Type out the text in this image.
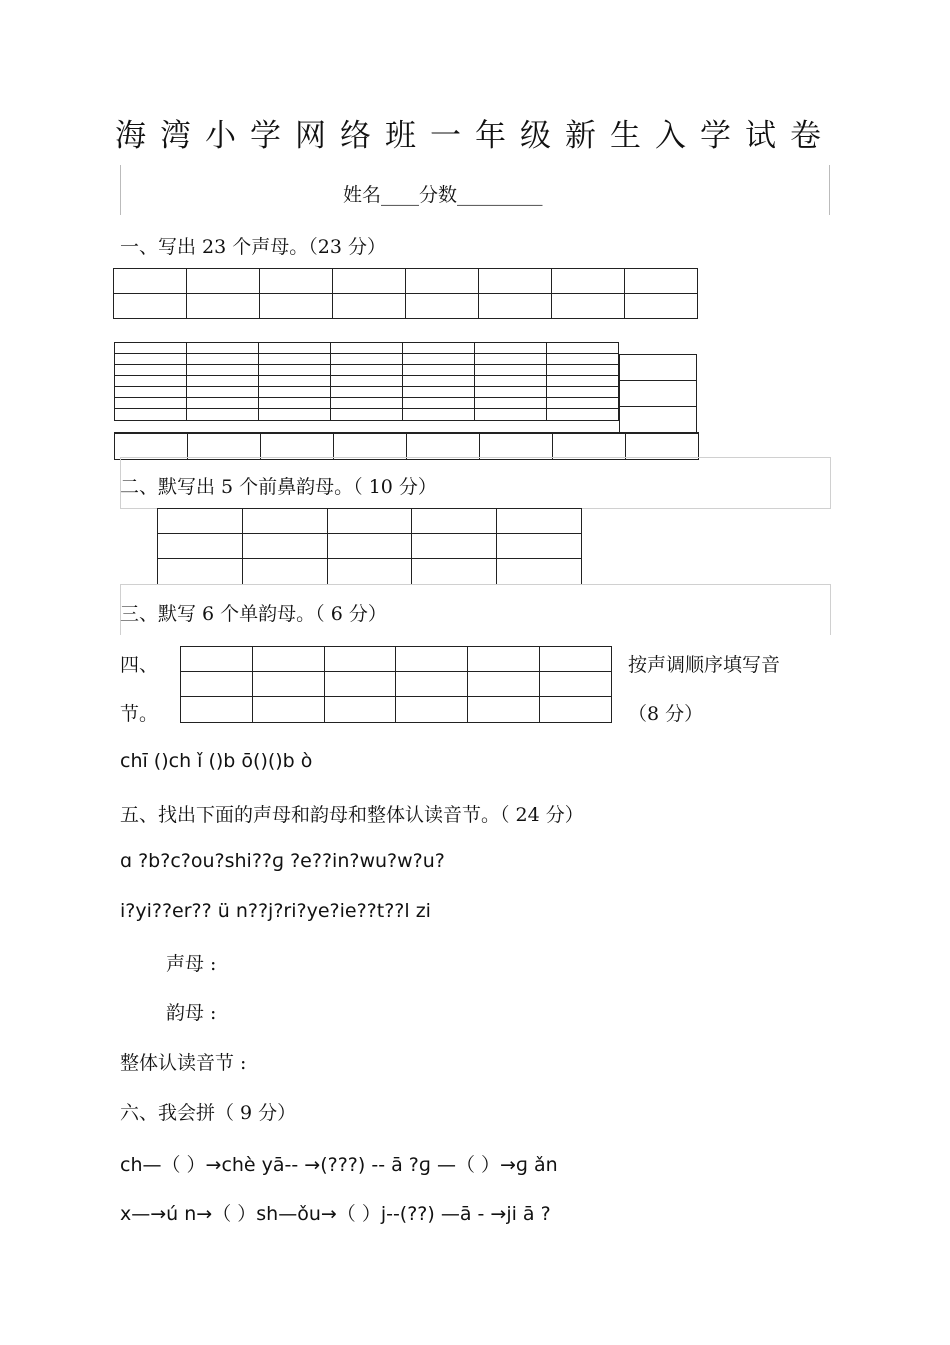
海湾小学网络班一年级新生入学试卷
姓名____分数_________
一、写出 23 个声母。（23 分）

二、默写出 5 个前鼻韵母。（ 10 分）

三、默写 6 个单韵母。（ 6 分）
四、
节。

按声调顺序填写音
（8 分）
chī ()ch ǐ ()b ō()()b ò
五、找出下面的声母和韵母和整体认读音节。（ 24 分）
ɑ ?b?c?ou?shi??ɡ ?e??in?wu?w?u?
i?yi??er?? ü n??j?ri?ye?ie??t??l zi
声母 :
韵母 :
整体认读音节 :
六、我会拼（ 9 分）
ch—（ ）→chè yā-- →(???) -- ā ?ɡ —（ ）→ɡ ǎn
x—→ú n→（ ）sh—ǒu→（ ）j--(??) —ā - →ji ā ?
